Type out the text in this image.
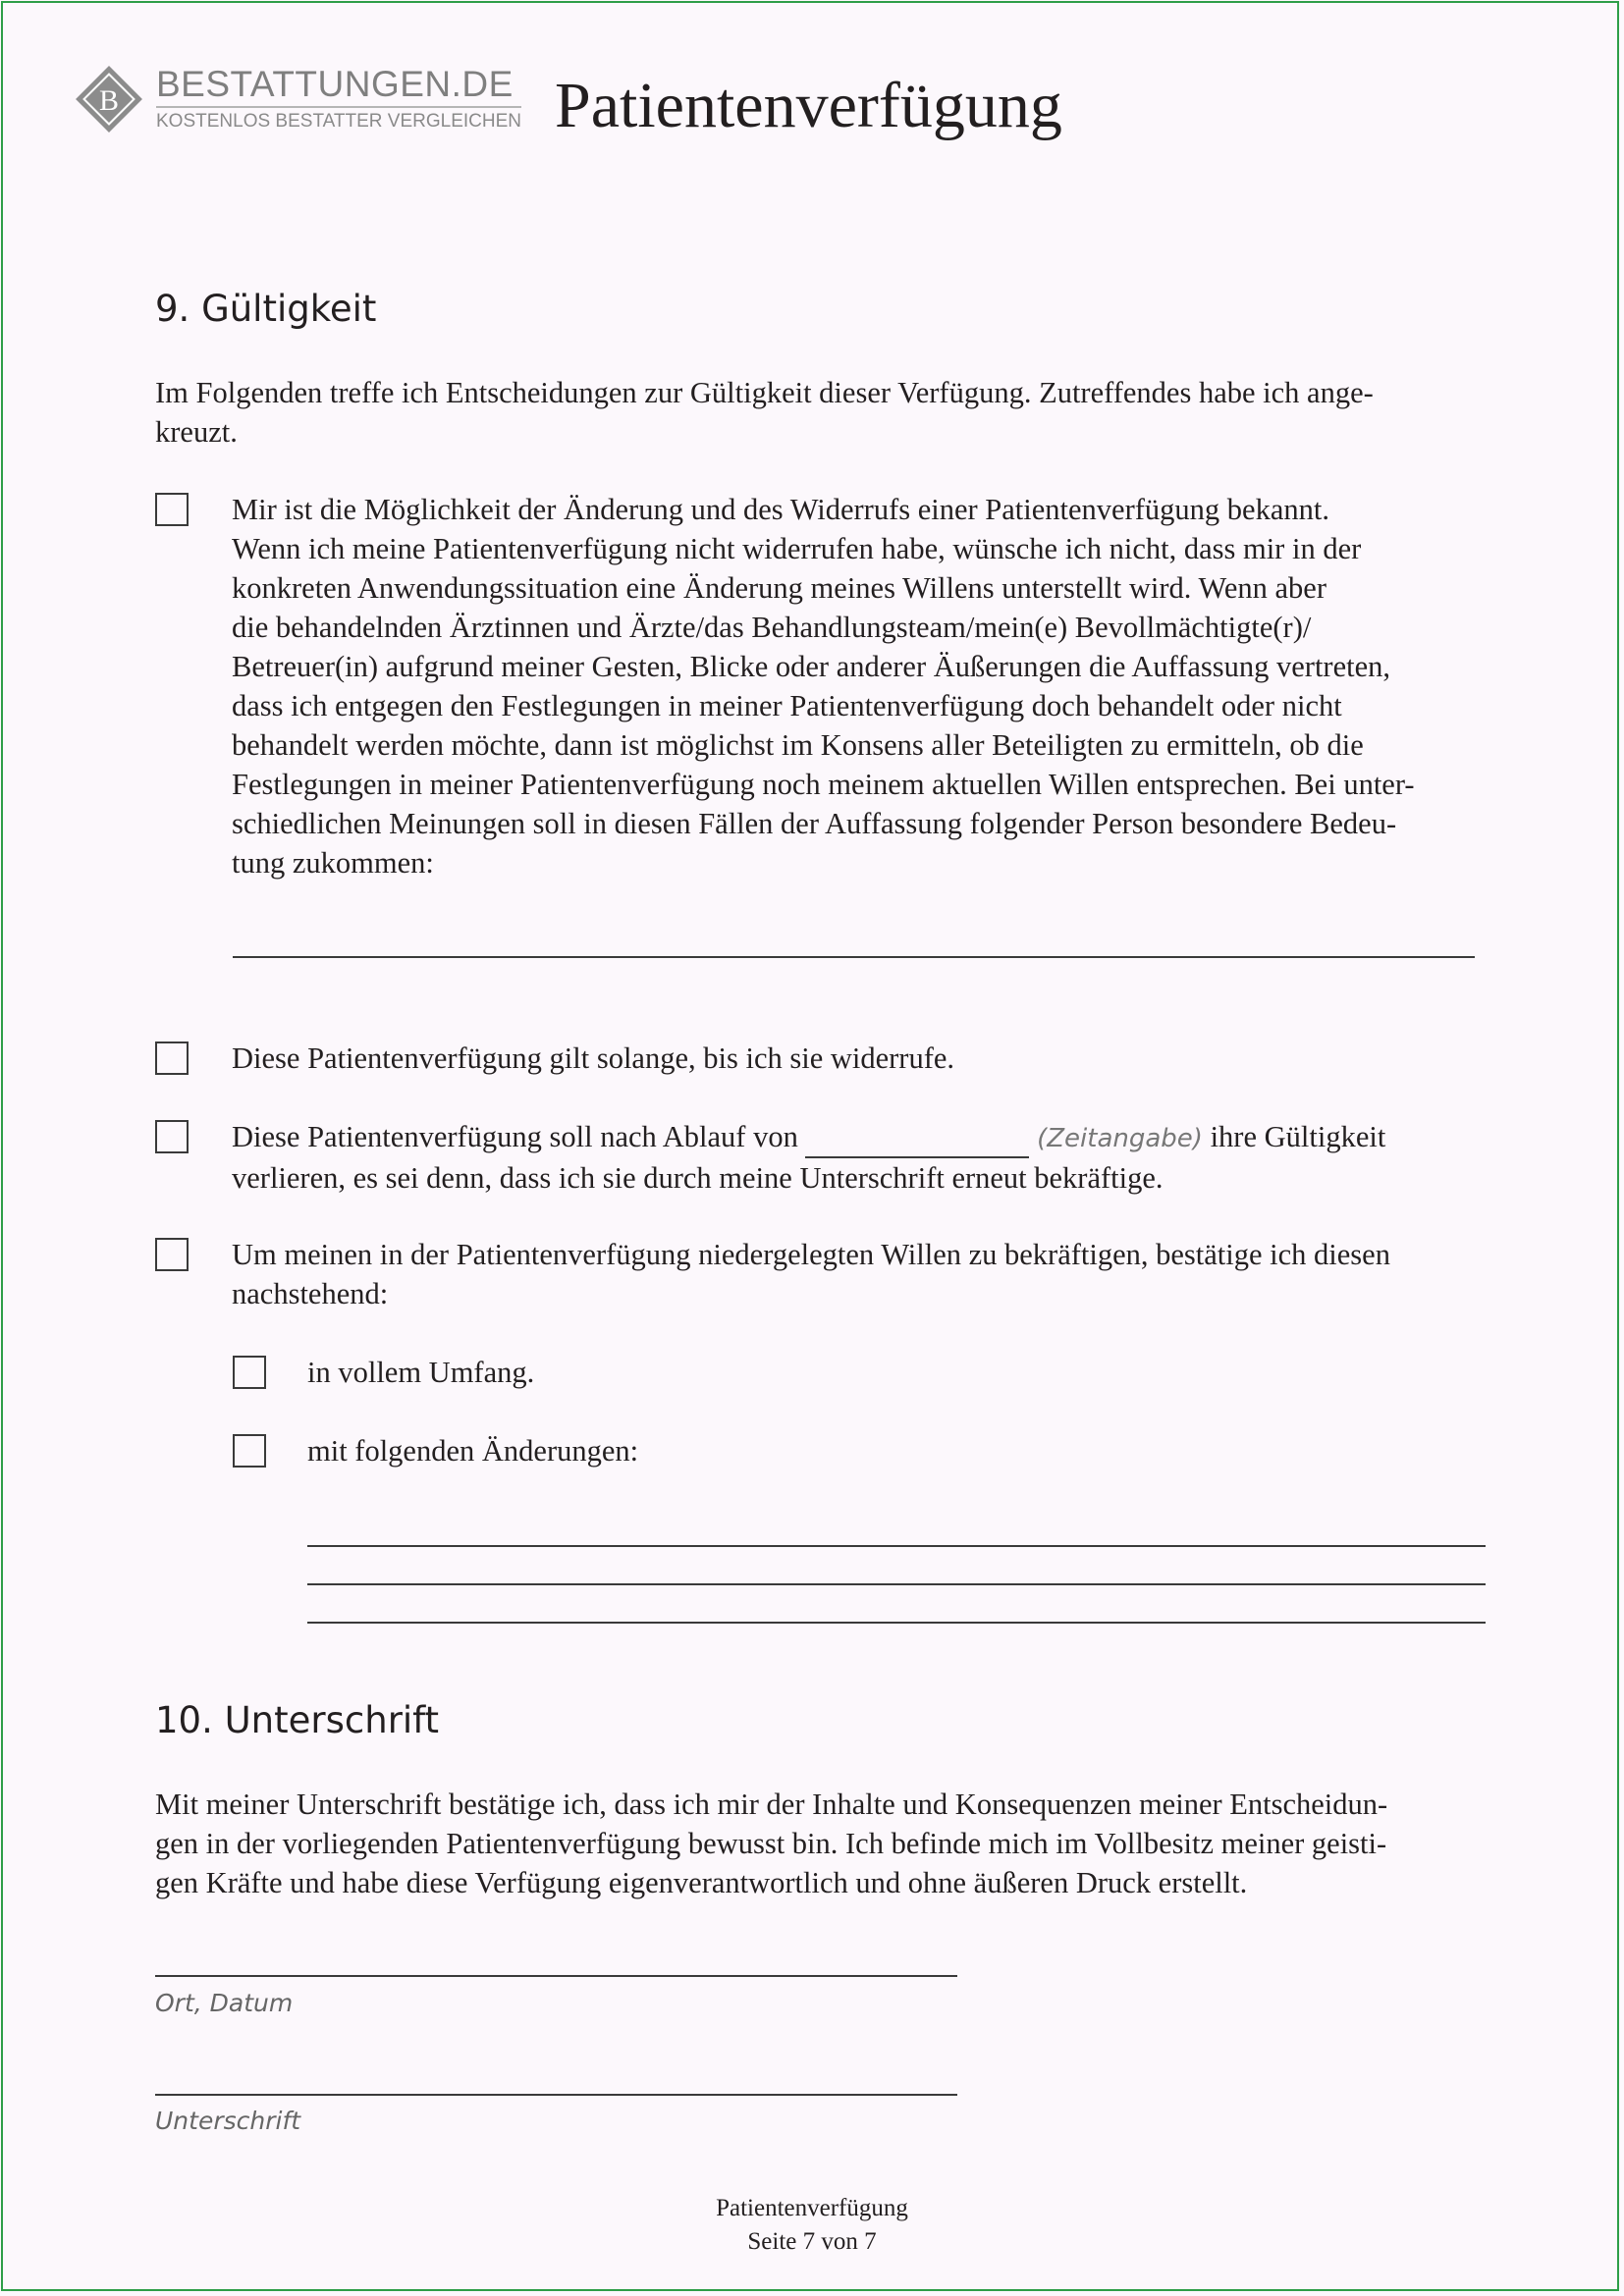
B BESTATTUNGEN.DE
KOSTENLOS BESTATTER VERGLEICHEN Patientenverfügung
9. Gültigkeit
Im Folgenden treffe ich Entscheidungen zur Gültigkeit dieser Verfügung. Zutreffendes habe ich ange-
kreuzt.
Mir ist die Möglichkeit der Änderung und des Widerrufs einer Patientenverfügung bekannt.
Wenn ich meine Patientenverfügung nicht widerrufen habe, wünsche ich nicht, dass mir in der
konkreten Anwendungssituation eine Änderung meines Willens unterstellt wird. Wenn aber
die behandelnden Ärztinnen und Ärzte/das Behandlungsteam/mein(e) Bevollmächtigte(r)/
Betreuer(in) aufgrund meiner Gesten, Blicke oder anderer Äußerungen die Auffassung vertreten,
dass ich entgegen den Festlegungen in meiner Patientenverfügung doch behandelt oder nicht
behandelt werden möchte, dann ist möglichst im Konsens aller Beteiligten zu ermitteln, ob die
Festlegungen in meiner Patientenverfügung noch meinem aktuellen Willen entsprechen. Bei unter-
schiedlichen Meinungen soll in diesen Fällen der Auffassung folgender Person besondere Bedeu-
tung zukommen:
Diese Patientenverfügung gilt solange, bis ich sie widerrufe.
Diese Patientenverfügung soll nach Ablauf von	(Zeitangabe) ihre Gültigkeit
verlieren, es sei denn, dass ich sie durch meine Unterschrift erneut bekräftige.
Um meinen in der Patientenverfügung niedergelegten Willen zu bekräftigen, bestätige ich diesen
nachstehend:
in vollem Umfang.
mit folgenden Änderungen:
10. Unterschrift
Mit meiner Unterschrift bestätige ich, dass ich mir der Inhalte und Konsequenzen meiner Entscheidun-
gen in der vorliegenden Patientenverfügung bewusst bin. Ich befinde mich im Vollbesitz meiner geisti-
gen Kräfte und habe diese Verfügung eigenverantwortlich und ohne äußeren Druck erstellt.
Ort, Datum
Unterschrift
Patientenverfügung
Seite 7 von 7
